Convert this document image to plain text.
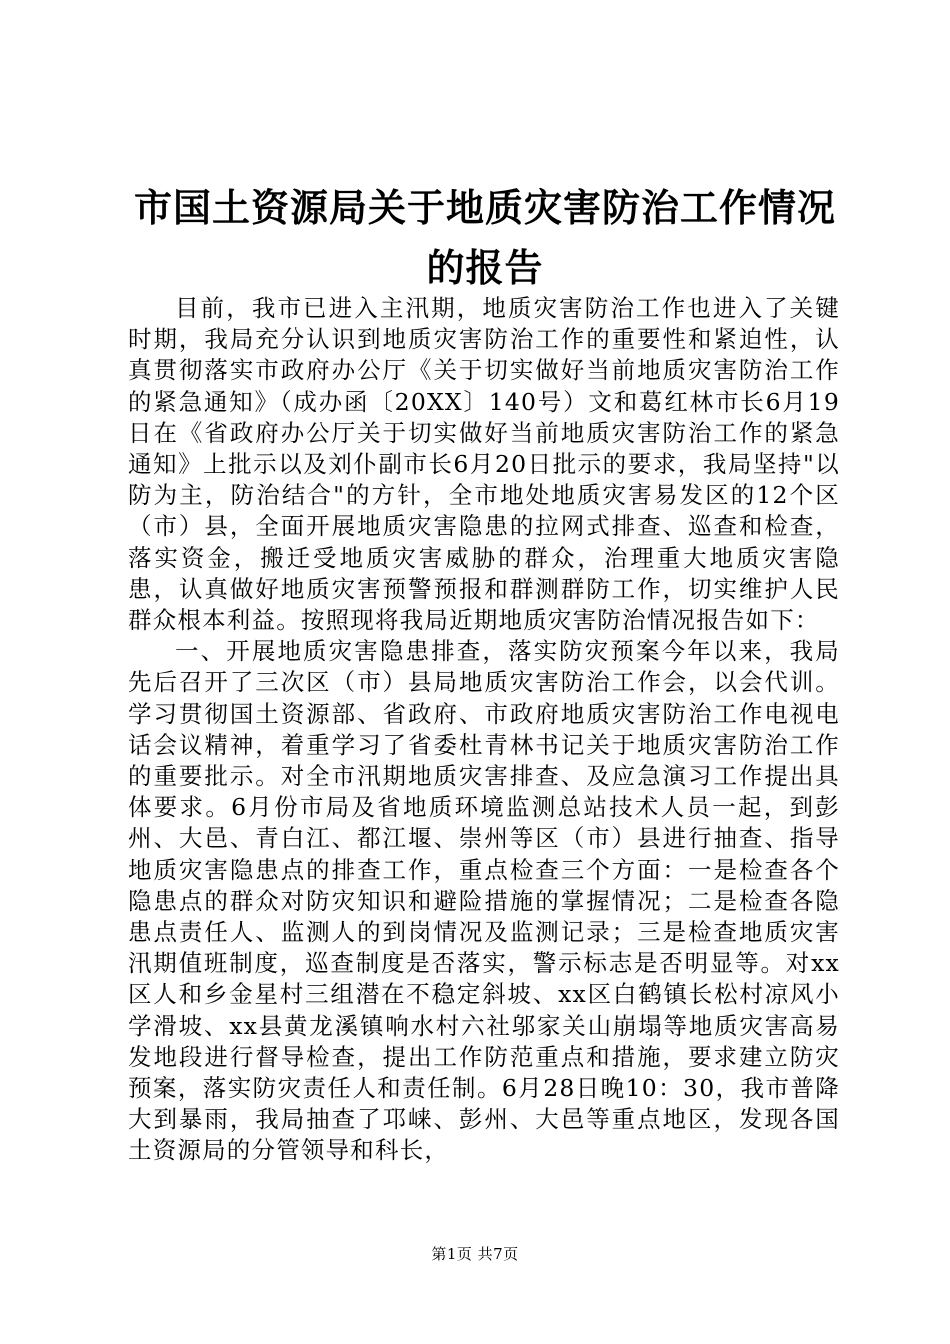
市国土资源局关于地质灾害防治工作情况的报告

目前，我市已进入主汛期，地质灾害防治工作也进入了关键时期，我局充分认识到地质灾害防治工作的重要性和紧迫性，认真贯彻落实市政府办公厅《关于切实做好当前地质灾害防治工作的紧急通知》（成办函〔20XX〕140号）文和葛红林市长6月19日在《省政府办公厅关于切实做好当前地质灾害防治工作的紧急通知》上批示以及刘仆副市长6月20日批示的要求，我局坚持"以防为主，防治结合"的方针，全市地处地质灾害易发区的12个区（市）县，全面开展地质灾害隐患的拉网式排查、巡查和检查，落实资金，搬迁受地质灾害威胁的群众，治理重大地质灾害隐患，认真做好地质灾害预警预报和群测群防工作，切实维护人民群众根本利益。按照现将我局近期地质灾害防治情况报告如下：

一、开展地质灾害隐患排查，落实防灾预案今年以来，我局先后召开了三次区（市）县局地质灾害防治工作会，以会代训。学习贯彻国土资源部、省政府、市政府地质灾害防治工作电视电话会议精神，着重学习了省委杜青林书记关于地质灾害防治工作的重要批示。对全市汛期地质灾害排查、及应急演习工作提出具体要求。6月份市局及省地质环境监测总站技术人员一起，到彭州、大邑、青白江、都江堰、崇州等区（市）县进行抽查、指导地质灾害隐患点的排查工作，重点检查三个方面：一是检查各个隐患点的群众对防灾知识和避险措施的掌握情况；二是检查各隐患点责任人、监测人的到岗情况及监测记录；三是检查地质灾害汛期值班制度，巡查制度是否落实，警示标志是否明显等。对xx区人和乡金星村三组潜在不稳定斜坡、xx区白鹤镇长松村凉风小学滑坡、xx县黄龙溪镇响水村六社邬家关山崩塌等地质灾害高易发地段进行督导检查，提出工作防范重点和措施，要求建立防灾预案，落实防灾责任人和责任制。6月28日晚10：30，我市普降大到暴雨，我局抽查了邛崃、彭州、大邑等重点地区，发现各国土资源局的分管领导和科长，

第1页 共7页
